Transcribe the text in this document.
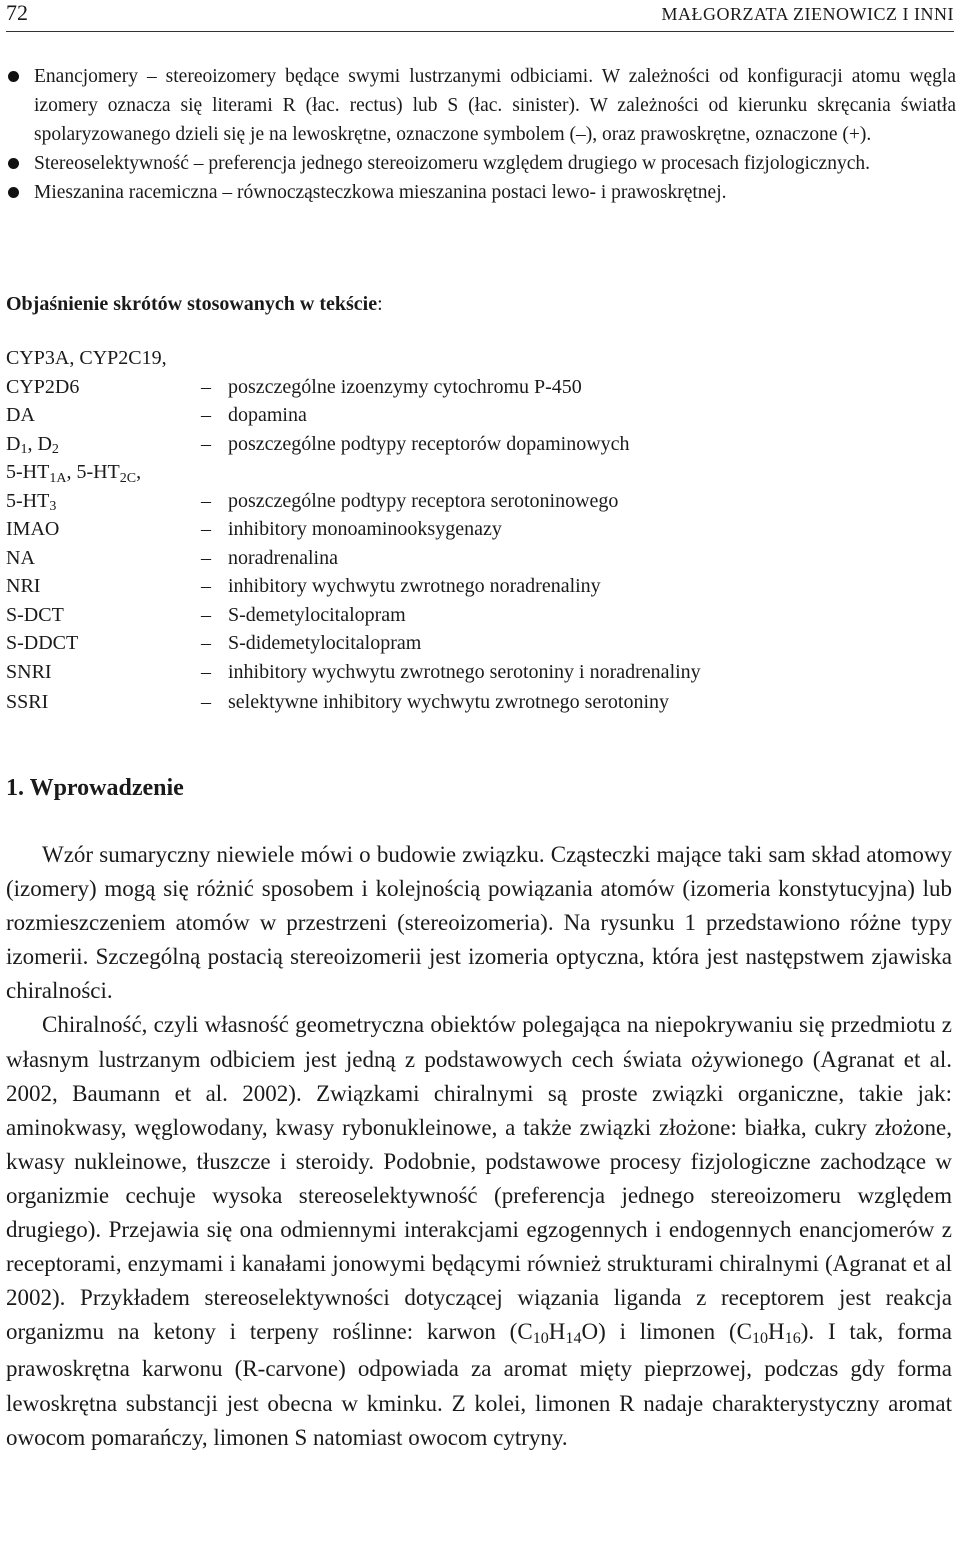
72	MAŁGORZATA ZIENOWICZ I INNI
Enancjomery – stereoizomery będące swymi lustrzanymi odbiciami. W zależności od konfiguracji atomu węgla izomery oznacza się literami R (łac. rectus) lub S (łac. sinister). W zależności od kierunku skręcania światła spolaryzowanego dzieli się je na lewoskrętne, oznaczone symbolem (–), oraz prawoskrętne, oznaczone (+).
Stereoselektywność – preferencja jednego stereoizomeru względem drugiego w procesach fizjologicznych.
Mieszanina racemiczna – równocząsteczkowa mieszanina postaci lewo- i prawoskrętnej.
Objaśnienie skrótów stosowanych w tekście:
CYP3A, CYP2C19,
CYP2D6	– poszczególne izoenzymy cytochromu P-450
DA	– dopamina
$D_1$, $D_2$	– poszczególne podtypy receptorów dopaminowych
$5-HT_{1A}$, $5-HT_{2C}$,
$5-HT_3$	– poszczególne podtypy receptora serotoninowego
IMAO	– inhibitory monoaminooksygenazy
NA	– noradrenalina
NRI	– inhibitory wychwytu zwrotnego noradrenaliny
S-DCT	– S-demetylocitalopram
S-DDCT	– S-didemetylocitalopram
SNRI	– inhibitory wychwytu zwrotnego serotoniny i noradrenaliny
SSRI	– selektywne inhibitory wychwytu zwrotnego serotoniny
1. Wprowadzenie

Wzór sumaryczny niewiele mówi o budowie związku. Cząsteczki mające taki sam skład atomowy (izomery) mogą się różnić sposobem i kolejnością powiązania atomów (izomeria konstytucyjna) lub rozmieszczeniem atomów w przestrzeni (stereoizomeria). Na rysunku 1 przedstawiono różne typy izomerii. Szczególną postacią stereoizomerii jest izomeria optyczna, która jest następstwem zjawiska chiralności.

Chiralność, czyli własność geometryczna obiektów polegająca na niepokrywaniu się przedmiotu z własnym lustrzanym odbiciem jest jedną z podstawowych cech świata ożywionego (Agranat et al. 2002, Baumann et al. 2002). Związkami chiralnymi są proste związki organiczne, takie jak: aminokwasy, węglowodany, kwasy rybonukleinowe, a także związki złożone: białka, cukry złożone, kwasy nukleinowe, tłuszcze i steroidy. Podobnie, podstawowe procesy fizjologiczne zachodzące w organizmie cechuje wysoka stereoselektywność (preferencja jednego stereoizomeru względem drugiego). Przejawia się ona odmiennymi interakcjami egzogennych i endogennych enancjomerów z receptorami, enzymami i kanałami jonowymi będącymi również strukturami chiralnymi (Agranat et al 2002). Przykładem stereoselektywności dotyczącej wiązania liganda z receptorem jest reakcja organizmu na ketony i terpeny roślinne: karwon $(C_{10}H_{14}O)$ i limonen $(C_{10}H_{16})$. I tak, forma prawoskrętna karwonu (R-carvone) odpowiada za aromat mięty pieprzowej, podczas gdy forma lewoskrętna substancji jest obecna w kminku. Z kolei, limonen R nadaje charakterystyczny aromat owocom pomarańczy, limonen S natomiast owocom cytryny.
